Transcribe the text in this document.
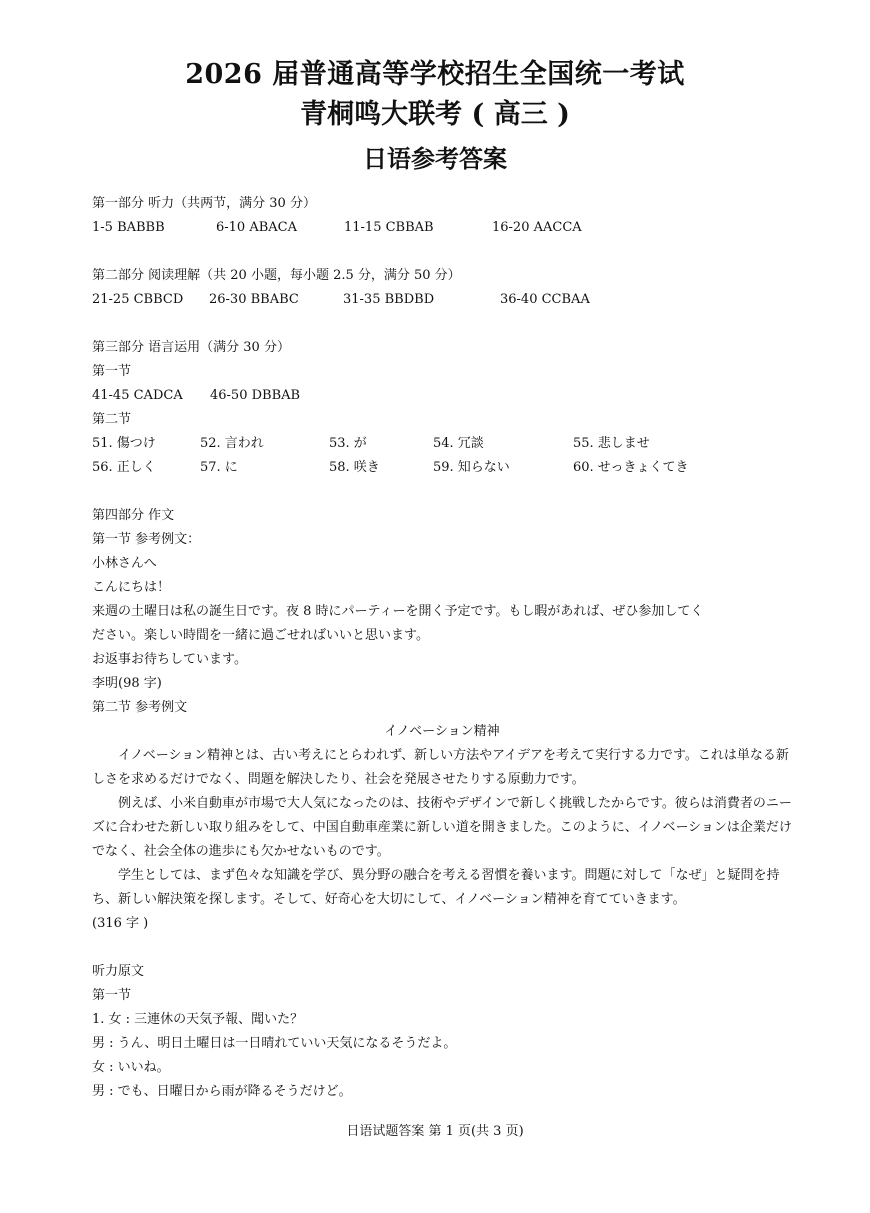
2026 届普通高等学校招生全国统一考试
青桐鸣大联考 ( 高三 )
日语参考答案
第一部分 听力（共两节，满分 30 分）
1-5 BABBB	6-10 ABACA	11-15 CBBAB	16-20 AACCA
第二部分 阅读理解（共 20 小题，每小题 2.5 分，满分 50 分）
21-25 CBBCD	26-30 BBABC	31-35 BBDBD	36-40 CCBAA
第三部分 语言运用（满分 30 分）
第一节
41-45 CADCA	46-50 DBBAB
第二节
51. 傷つけ	52. 言われ	53. が	54. 冗談	55. 悲しませ
56. 正しく	57. に	58. 咲き	59. 知らない	60. せっきょくてき
第四部分 作文
第一节 参考例文：
小林さんへ
こんにちは！
来週の土曜日は私の誕生日です。夜 8 時にパーティーを開く予定です。もし暇があれば、ぜひ参加してく
ださい。楽しい時間を一緒に過ごせればいいと思います。
お返事お待ちしています。
李明(98 字)
第二节 参考例文
イノベーション精神
イノベーション精神とは、古い考えにとらわれず、新しい方法やアイデアを考えて実行する力です。これは単なる新しさを求めるだけでなく、問題を解決したり、社会を発展させたりする原動力です。
例えば、小米自動車が市場で大人気になったのは、技術やデザインで新しく挑戦したからです。彼らは消費者のニーズに合わせた新しい取り組みをして、中国自動車産業に新しい道を開きました。このように、イノベーションは企業だけでなく、社会全体の進歩にも欠かせないものです。
学生としては、まず色々な知識を学び、異分野の融合を考える習慣を養います。問題に対して「なぜ」と疑問を持ち、新しい解決策を探します。そして、好奇心を大切にして、イノベーション精神を育てていきます。
(316 字 )
听力原文
第一节
1. 女 : 三連休の天気予報、聞いた？
男 : うん、明日土曜日は一日晴れていい天気になるそうだよ。
女 : いいね。
男 : でも、日曜日から雨が降るそうだけど。
日语试题答案 第 1 页(共 3 页)
